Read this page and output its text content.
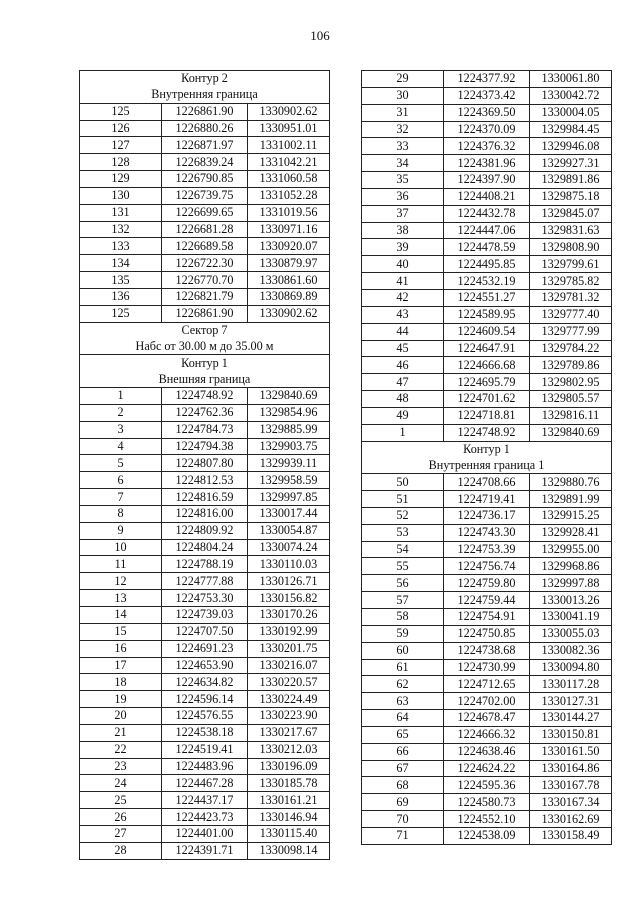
106
Контур 2		
Внутренняя граница		
125	1226861.90	1330902.62
126	1226880.26	1330951.01
127	1226871.97	1331002.11
128	1226839.24	1331042.21
129	1226790.85	1331060.58
130	1226739.75	1331052.28
131	1226699.65	1331019.56
132	1226681.28	1330971.16
133	1226689.58	1330920.07
134	1226722.30	1330879.97
135	1226770.70	1330861.60
136	1226821.79	1330869.89
125	1226861.90	1330902.62
Сектор 7		
Набс от 30.00 м до 35.00 м		
Контур 1		
Внешняя граница		
1	1224748.92	1329840.69
2	1224762.36	1329854.96
3	1224784.73	1329885.99
4	1224794.38	1329903.75
5	1224807.80	1329939.11
6	1224812.53	1329958.59
7	1224816.59	1329997.85
8	1224816.00	1330017.44
9	1224809.92	1330054.87
10	1224804.24	1330074.24
11	1224788.19	1330110.03
12	1224777.88	1330126.71
13	1224753.30	1330156.82
14	1224739.03	1330170.26
15	1224707.50	1330192.99
16	1224691.23	1330201.75
17	1224653.90	1330216.07
18	1224634.82	1330220.57
19	1224596.14	1330224.49
20	1224576.55	1330223.90
21	1224538.18	1330217.67
22	1224519.41	1330212.03
23	1224483.96	1330196.09
24	1224467.28	1330185.78
25	1224437.17	1330161.21
26	1224423.73	1330146.94
27	1224401.00	1330115.40
28	1224391.71	1330098.14
29	1224377.92	1330061.80
30	1224373.42	1330042.72
31	1224369.50	1330004.05
32	1224370.09	1329984.45
33	1224376.32	1329946.08
34	1224381.96	1329927.31
35	1224397.90	1329891.86
36	1224408.21	1329875.18
37	1224432.78	1329845.07
38	1224447.06	1329831.63
39	1224478.59	1329808.90
40	1224495.85	1329799.61
41	1224532.19	1329785.82
42	1224551.27	1329781.32
43	1224589.95	1329777.40
44	1224609.54	1329777.99
45	1224647.91	1329784.22
46	1224666.68	1329789.86
47	1224695.79	1329802.95
48	1224701.62	1329805.57
49	1224718.81	1329816.11
1	1224748.92	1329840.69
Контур 1		
Внутренняя граница 1		
50	1224708.66	1329880.76
51	1224719.41	1329891.99
52	1224736.17	1329915.25
53	1224743.30	1329928.41
54	1224753.39	1329955.00
55	1224756.74	1329968.86
56	1224759.80	1329997.88
57	1224759.44	1330013.26
58	1224754.91	1330041.19
59	1224750.85	1330055.03
60	1224738.68	1330082.36
61	1224730.99	1330094.80
62	1224712.65	1330117.28
63	1224702.00	1330127.31
64	1224678.47	1330144.27
65	1224666.32	1330150.81
66	1224638.46	1330161.50
67	1224624.22	1330164.86
68	1224595.36	1330167.78
69	1224580.73	1330167.34
70	1224552.10	1330162.69
71	1224538.09	1330158.49
